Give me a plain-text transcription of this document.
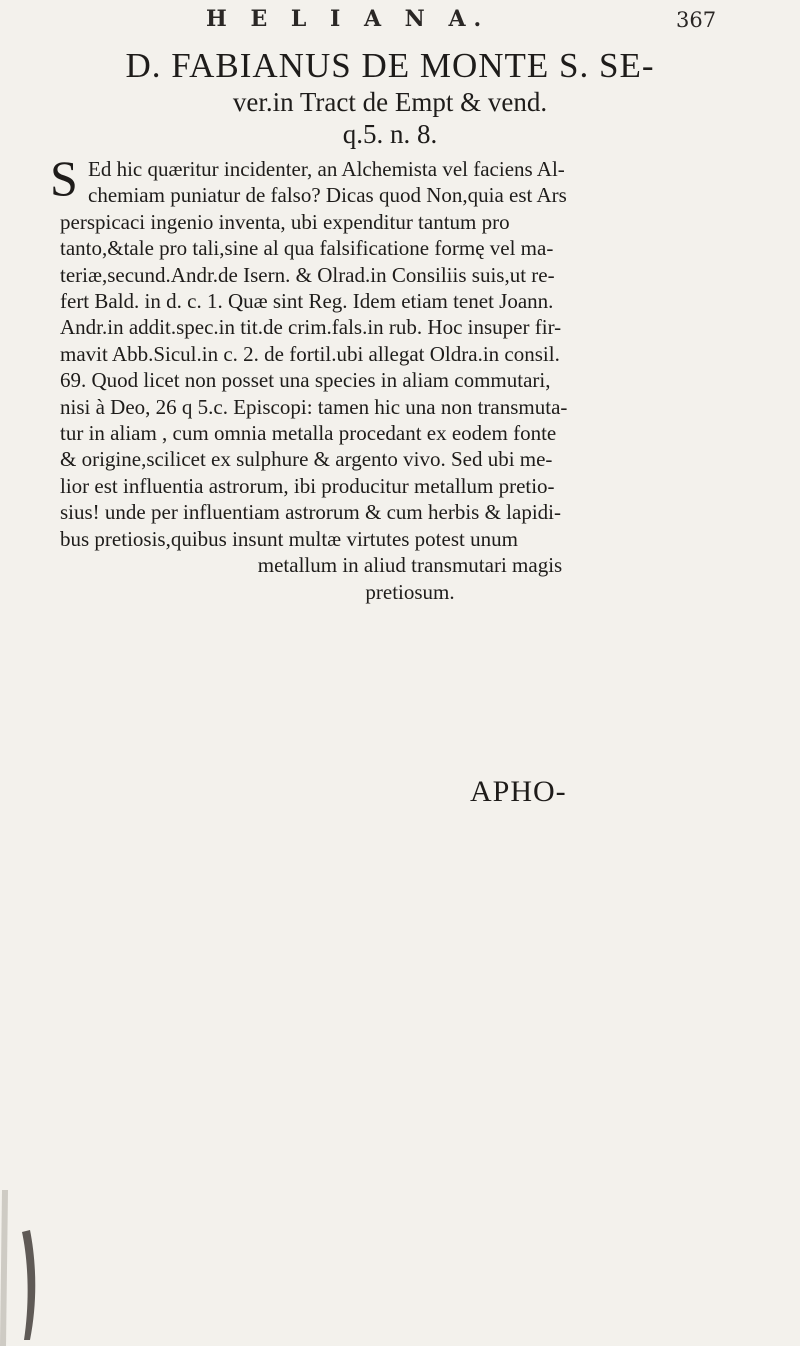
H E L I A N A.	367
D. FABIANUS DE MONTE S. SE-
ver.in Tract de Empt & vend.
q.5. n. 8.
S Ed hic quæritur incidenter, an Alchemista vel faciens Al-
chemiam puniatur de falso? Dicas quod Non,quia est Ars
perspicaci ingenio inventa, ubi expenditur tantum pro
tanto,&tale pro tali,sine al qua falsificatione formę vel ma-
teriæ,secund.Andr.de Isern. & Olrad.in Consiliis suis,ut re-
fert Bald. in d. c. 1. Quæ sint Reg. Idem etiam tenet Joann.
Andr.in addit.spec.in tit.de crim.fals.in rub. Hoc insuper fir-
mavit Abb.Sicul.in c. 2. de fortil.ubi allegat Oldra.in consil.
69. Quod licet non posset una species in aliam commutari,
nisi à Deo, 26 q 5.c. Episcopi: tamen hic una non transmuta-
tur in aliam , cum omnia metalla procedant ex eodem fonte
& origine,scilicet ex sulphure & argento vivo. Sed ubi me-
lior est influentia astrorum, ibi producitur metallum pretio-
sius! unde per influentiam astrorum & cum herbis & lapidi-
bus pretiosis,quibus insunt multæ virtutes potest unum
metallum in aliud transmutari magis
pretiosum.
APHO-
